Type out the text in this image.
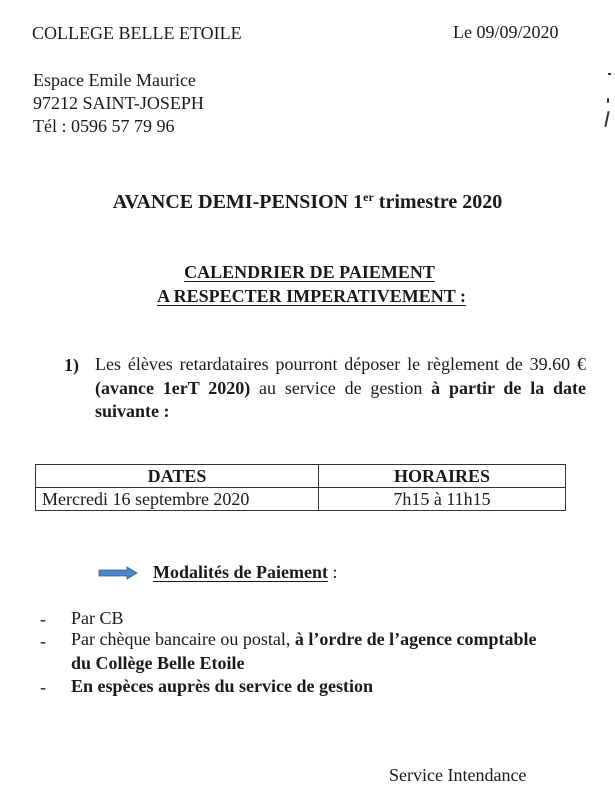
COLLEGE BELLE ETOILE	Le 09/09/2020
Espace Emile Maurice
97212 SAINT-JOSEPH
Tél : 0596 57 79 96
AVANCE DEMI-PENSION 1er trimestre 2020
CALENDRIER DE PAIEMENT
A RESPECTER IMPERATIVEMENT :
1) Les élèves retardataires pourront déposer le règlement de 39.60 € (avance 1erT 2020) au service de gestion à partir de la date suivante :
DATES	HORAIRES
Mercredi 16 septembre 2020	7h15 à 11h15
Modalités de Paiement :
- Par CB
- Par chèque bancaire ou postal, à l’ordre de l’agence comptable
du Collège Belle Etoile
- En espèces auprès du service de gestion
Service Intendance
